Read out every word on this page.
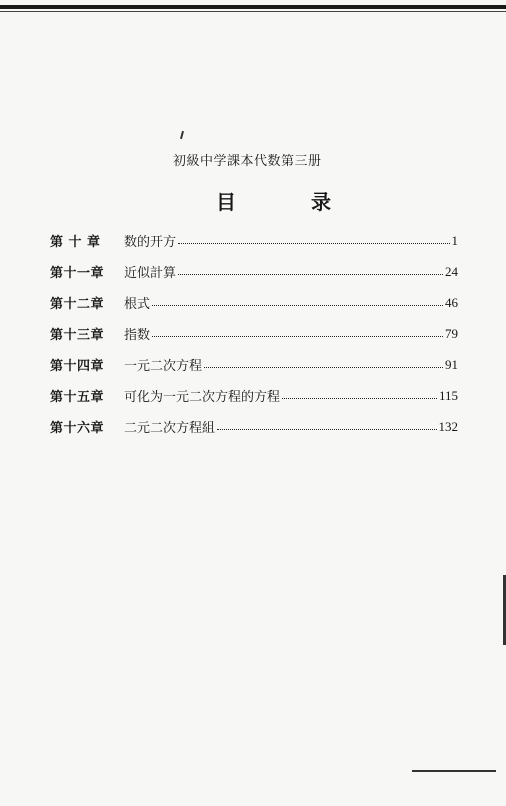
初級中学課本代数第三册
目 录
第 十 章	数的开方	1
第十一章	近似計算	24
第十二章	根式	46
第十三章	指数	79
第十四章	一元二次方程	91
第十五章	可化为一元二次方程的方程	115
第十六章	二元二次方程組	132
